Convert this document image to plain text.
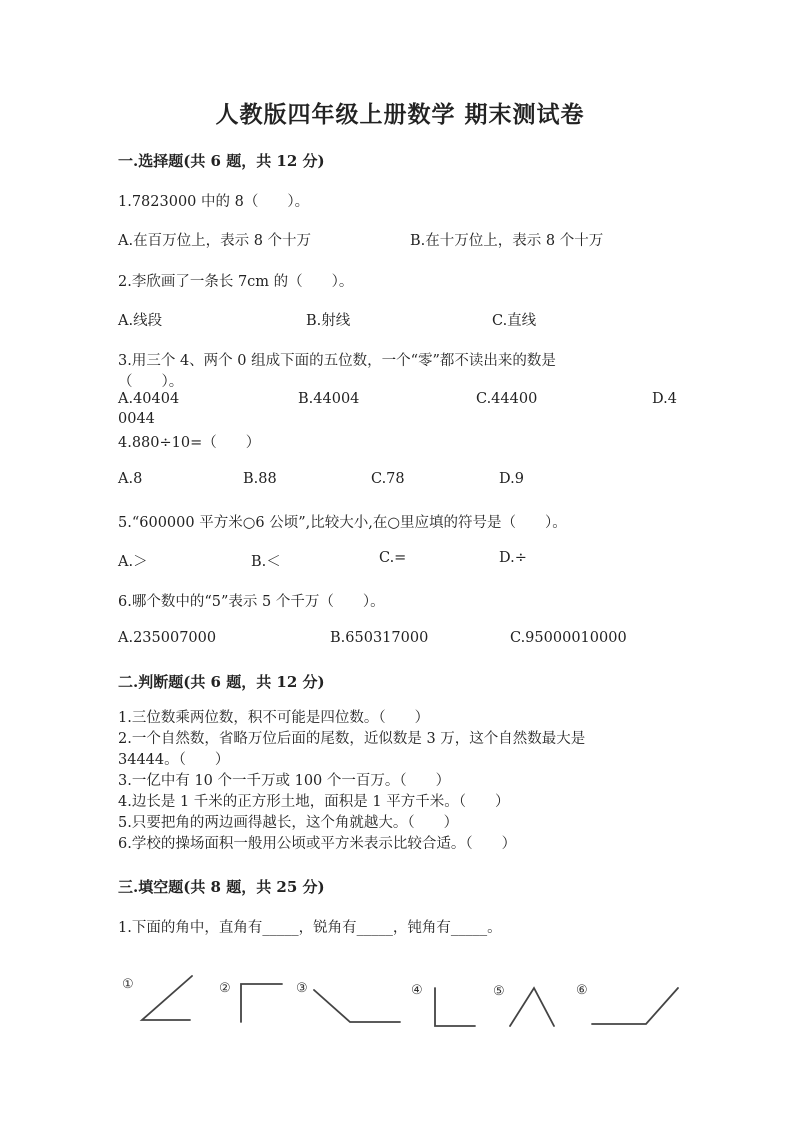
人教版四年级上册数学 期末测试卷
一.选择题(共 6 题，共 12 分)
1.7823000 中的 8（　　）。
A.在百万位上，表示 8 个十万	B.在十万位上，表示 8 个十万
2.李欣画了一条长 7cm 的（　　）。
A.线段	B.射线	C.直线
3.用三个 4、两个 0 组成下面的五位数，一个“零”都不读出来的数是
（　　）。
A.40404	B.44004	C.44400	D.4
0044
4.880÷10=（　　）
A.8	B.88	C.78	D.9
5.“600000 平方米○6 公顷”,比较大小,在○里应填的符号是（　　）。
A.＞	B.＜	C.=	D.÷
6.哪个数中的“5”表示 5 个千万（　　）。
A.235007000	B.650317000	C.95000010000
二.判断题(共 6 题，共 12 分)
1.三位数乘两位数，积不可能是四位数。（　　）
2.一个自然数，省略万位后面的尾数，近似数是 3 万，这个自然数最大是
34444。（　　）
3.一亿中有 10 个一千万或 100 个一百万。（　　）
4.边长是 1 千米的正方形土地，面积是 1 平方千米。（　　）
5.只要把角的两边画得越长，这个角就越大。（　　）
6.学校的操场面积一般用公顷或平方米表示比较合适。（　　）
三.填空题(共 8 题，共 25 分)
1.下面的角中，直角有_____，锐角有_____，钝角有_____。
①	②	③	④	⑤	⑥
